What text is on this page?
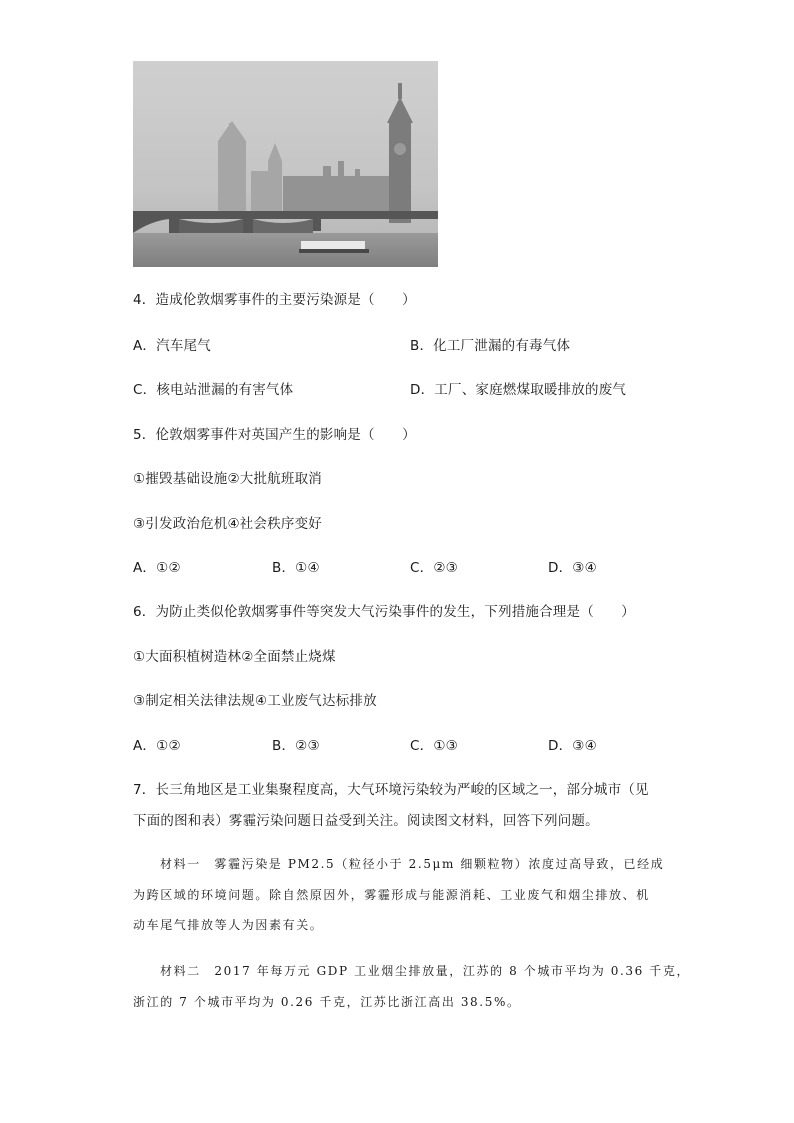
4．造成伦敦烟雾事件的主要污染源是（　　）
A．汽车尾气	B．化工厂泄漏的有毒气体
C．核电站泄漏的有害气体	D．工厂、家庭燃煤取暖排放的废气
5．伦敦烟雾事件对英国产生的影响是（　　）
①摧毁基础设施②大批航班取消
③引发政治危机④社会秩序变好
A．①②	B．①④	C．②③	D．③④
6．为防止类似伦敦烟雾事件等突发大气污染事件的发生，下列措施合理是（　　）
①大面积植树造林②全面禁止烧煤
③制定相关法律法规④工业废气达标排放
A．①②	B．②③	C．①③	D．③④
7．长三角地区是工业集聚程度高，大气环境污染较为严峻的区域之一，部分城市（见
下面的图和表）雾霾污染问题日益受到关注。阅读图文材料，回答下列问题。
材料一　雾霾污染是 PM2.5（粒径小于 2.5μm 细颗粒物）浓度过高导致，已经成
为跨区域的环境问题。除自然原因外，雾霾形成与能源消耗、工业废气和烟尘排放、机
动车尾气排放等人为因素有关。
材料二　2017 年每万元 GDP 工业烟尘排放量，江苏的 8 个城市平均为 0.36 千克，
浙江的 7 个城市平均为 0.26 千克，江苏比浙江高出 38.5%。
